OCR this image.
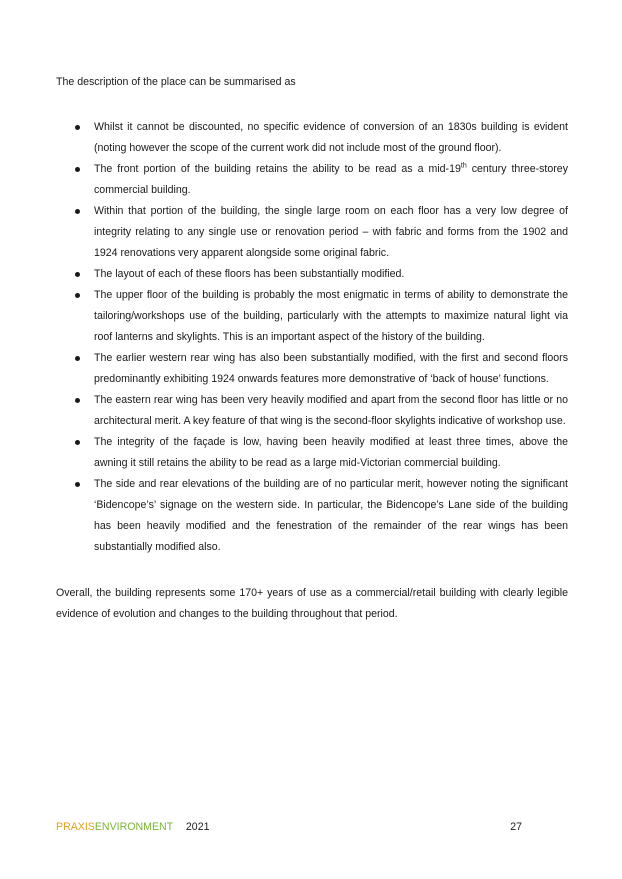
The description of the place can be summarised as

Whilst it cannot be discounted, no specific evidence of conversion of an 1830s building is evident (noting however the scope of the current work did not include most of the ground floor).
The front portion of the building retains the ability to be read as a mid-19th century three-storey commercial building.
Within that portion of the building, the single large room on each floor has a very low degree of integrity relating to any single use or renovation period – with fabric and forms from the 1902 and 1924 renovations very apparent alongside some original fabric.
The layout of each of these floors has been substantially modified.
The upper floor of the building is probably the most enigmatic in terms of ability to demonstrate the tailoring/workshops use of the building, particularly with the attempts to maximize natural light via roof lanterns and skylights. This is an important aspect of the history of the building.
The earlier western rear wing has also been substantially modified, with the first and second floors predominantly exhibiting 1924 onwards features more demonstrative of ‘back of house’ functions.
The eastern rear wing has been very heavily modified and apart from the second floor has little or no architectural merit. A key feature of that wing is the second-floor skylights indicative of workshop use.
The integrity of the façade is low, having been heavily modified at least three times, above the awning it still retains the ability to be read as a large mid-Victorian commercial building.
The side and rear elevations of the building are of no particular merit, however noting the significant ‘Bidencope’s’ signage on the western side. In particular, the Bidencope’s Lane side of the building has been heavily modified and the fenestration of the remainder of the rear wings has been substantially modified also.

Overall, the building represents some 170+ years of use as a commercial/retail building with clearly legible evidence of evolution and changes to the building throughout that period.

PRAXISENVIRONMENT 2021	27
